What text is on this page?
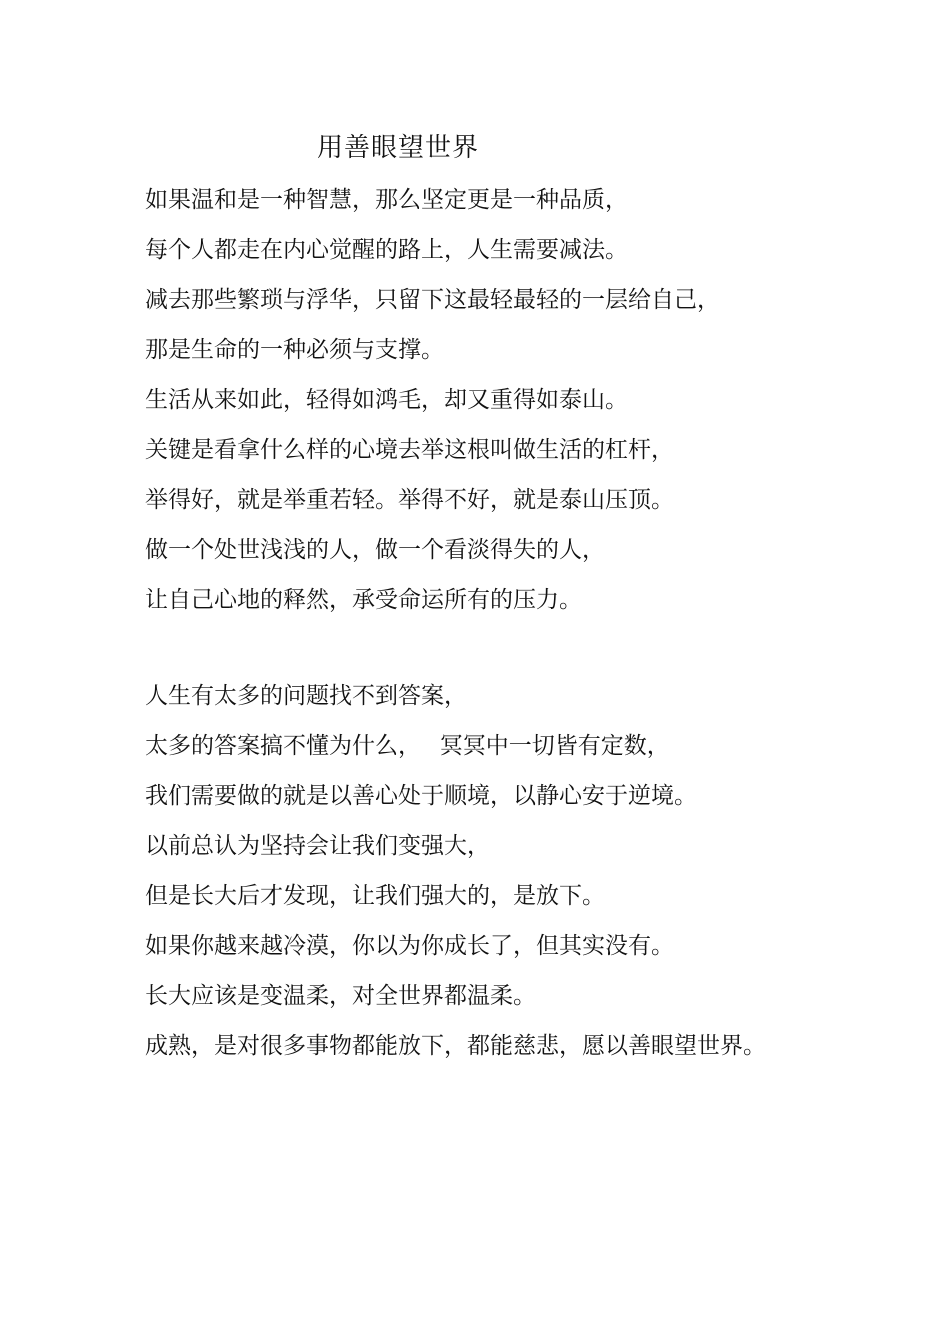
用善眼望世界
如果温和是一种智慧，那么坚定更是一种品质，
每个人都走在内心觉醒的路上，人生需要减法。
减去那些繁琐与浮华，只留下这最轻最轻的一层给自己，
那是生命的一种必须与支撑。
生活从来如此，轻得如鸿毛，却又重得如泰山。
关键是看拿什么样的心境去举这根叫做生活的杠杆，
举得好，就是举重若轻。举得不好，就是泰山压顶。
做一个处世浅浅的人，做一个看淡得失的人，
让自己心地的释然，承受命运所有的压力。
人生有太多的问题找不到答案，
太多的答案搞不懂为什么，　 冥冥中一切皆有定数，
我们需要做的就是以善心处于顺境，以静心安于逆境。
以前总认为坚持会让我们变强大，
但是长大后才发现，让我们强大的，是放下。
如果你越来越冷漠，你以为你成长了，但其实没有。
长大应该是变温柔，对全世界都温柔。
成熟，是对很多事物都能放下，都能慈悲，愿以善眼望世界。
